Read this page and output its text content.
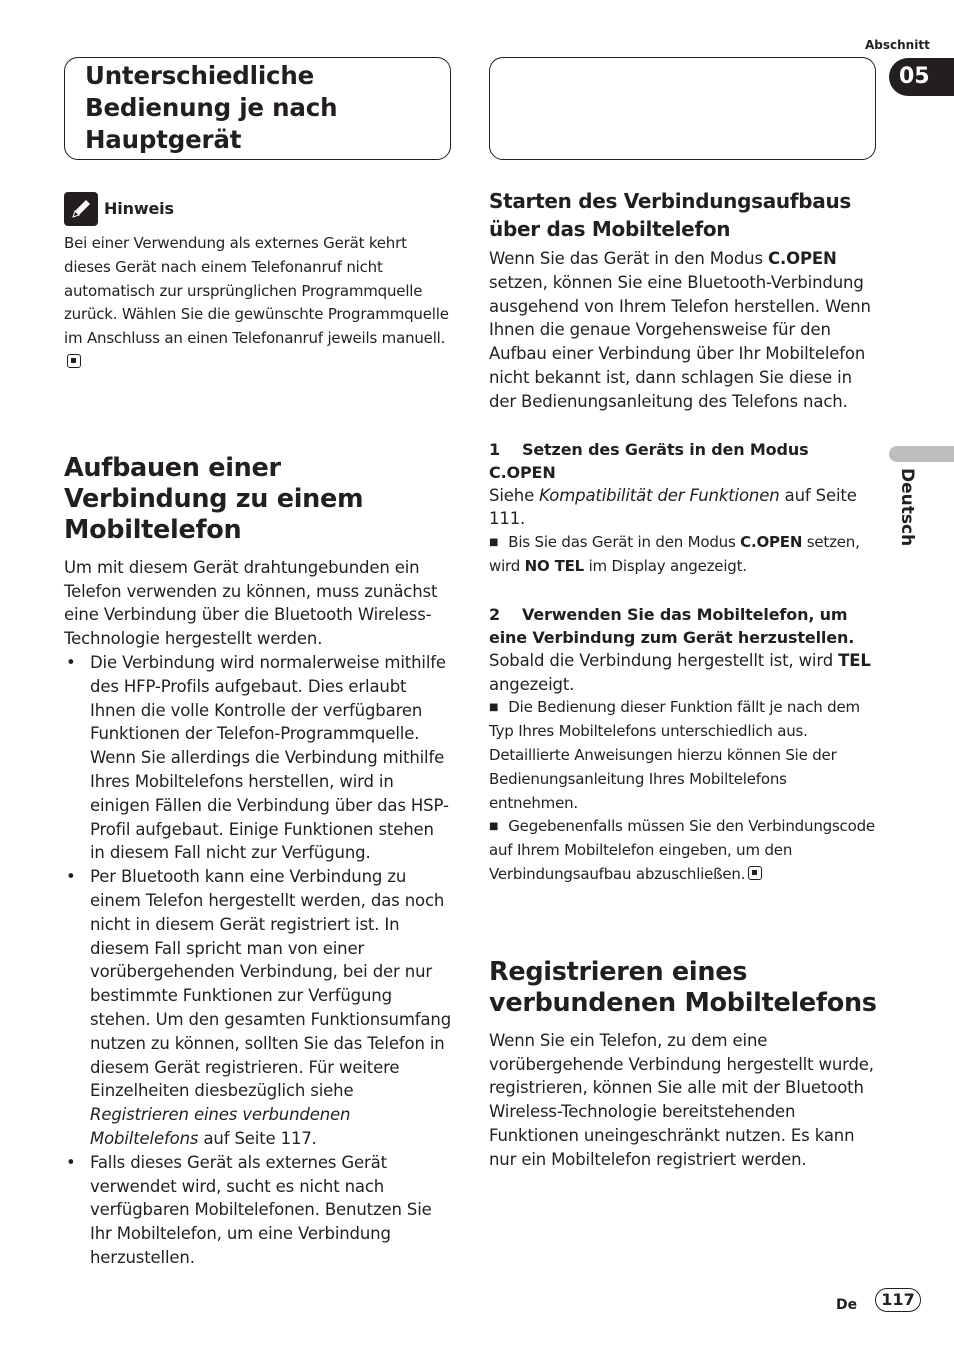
Abschnitt
05
Deutsch
Unterschiedliche Bedienung je nach Hauptgerät
Hinweis

Bei einer Verwendung als externes Gerät kehrt dieses Gerät nach einem Telefonanruf nicht automatisch zur ursprünglichen Programmquelle zurück. Wählen Sie die gewünschte Programmquelle im Anschluss an einen Telefonanruf jeweils manuell.

Aufbauen einer Verbindung zu einem Mobiltelefon

Um mit diesem Gerät drahtungebunden ein Telefon verwenden zu können, muss zunächst eine Verbindung über die Bluetooth Wireless-Technologie hergestellt werden.

• Die Verbindung wird normalerweise mithilfe des HFP-Profils aufgebaut. Dies erlaubt Ihnen die volle Kontrolle der verfügbaren Funktionen der Telefon-Programmquelle. Wenn Sie allerdings die Verbindung mithilfe Ihres Mobiltelefons herstellen, wird in einigen Fällen die Verbindung über das HSP-Profil aufgebaut. Einige Funktionen stehen in diesem Fall nicht zur Verfügung.
• Per Bluetooth kann eine Verbindung zu einem Telefon hergestellt werden, das noch nicht in diesem Gerät registriert ist. In diesem Fall spricht man von einer vorübergehenden Verbindung, bei der nur bestimmte Funktionen zur Verfügung stehen. Um den gesamten Funktionsumfang nutzen zu können, sollten Sie das Telefon in diesem Gerät registrieren. Für weitere Einzelheiten diesbezüglich siehe Registrieren eines verbundenen Mobiltelefons auf Seite 117.
• Falls dieses Gerät als externes Gerät verwendet wird, sucht es nicht nach verfügbaren Mobiltelefonen. Benutzen Sie Ihr Mobiltelefon, um eine Verbindung herzustellen.
Starten des Verbindungsaufbaus über das Mobiltelefon

Wenn Sie das Gerät in den Modus C.OPEN setzen, können Sie eine Bluetooth-Verbindung ausgehend von Ihrem Telefon herstellen. Wenn Ihnen die genaue Vorgehensweise für den Aufbau einer Verbindung über Ihr Mobiltelefon nicht bekannt ist, dann schlagen Sie diese in der Bedienungsanleitung des Telefons nach.

1 Setzen des Geräts in den Modus C.OPEN

Siehe Kompatibilität der Funktionen auf Seite 111.

■ Bis Sie das Gerät in den Modus C.OPEN setzen, wird NO TEL im Display angezeigt.

2 Verwenden Sie das Mobiltelefon, um eine Verbindung zum Gerät herzustellen.

Sobald die Verbindung hergestellt ist, wird TEL angezeigt.

■ Die Bedienung dieser Funktion fällt je nach dem Typ Ihres Mobiltelefons unterschiedlich aus. Detaillierte Anweisungen hierzu können Sie der Bedienungsanleitung Ihres Mobiltelefons entnehmen.

■ Gegebenenfalls müssen Sie den Verbindungscode auf Ihrem Mobiltelefon eingeben, um den Verbindungsaufbau abzuschließen.

Registrieren eines verbundenen Mobiltelefons

Wenn Sie ein Telefon, zu dem eine vorübergehende Verbindung hergestellt wurde, registrieren, können Sie alle mit der Bluetooth Wireless-Technologie bereitstehenden Funktionen uneingeschränkt nutzen. Es kann nur ein Mobiltelefon registriert werden.

De	117
